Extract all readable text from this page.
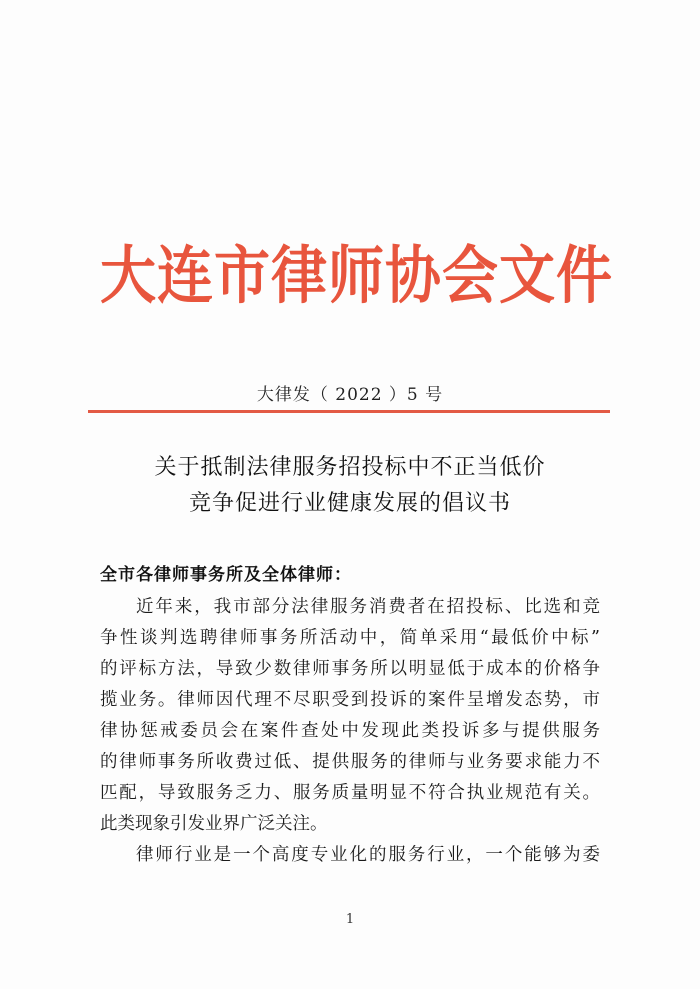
大连市律师协会文件
大律发（ 2022 ）5 号
关于抵制法律服务招投标中不正当低价
竞争促进行业健康发展的倡议书
全市各律师事务所及全体律师：
近年来，我市部分法律服务消费者在招投标、比选和竞
争性谈判选聘律师事务所活动中，简单采用“最低价中标”
的评标方法，导致少数律师事务所以明显低于成本的价格争
揽业务。律师因代理不尽职受到投诉的案件呈增发态势，市
律协惩戒委员会在案件查处中发现此类投诉多与提供服务
的律师事务所收费过低、提供服务的律师与业务要求能力不
匹配，导致服务乏力、服务质量明显不符合执业规范有关。
此类现象引发业界广泛关注。
律师行业是一个高度专业化的服务行业，一个能够为委
1
